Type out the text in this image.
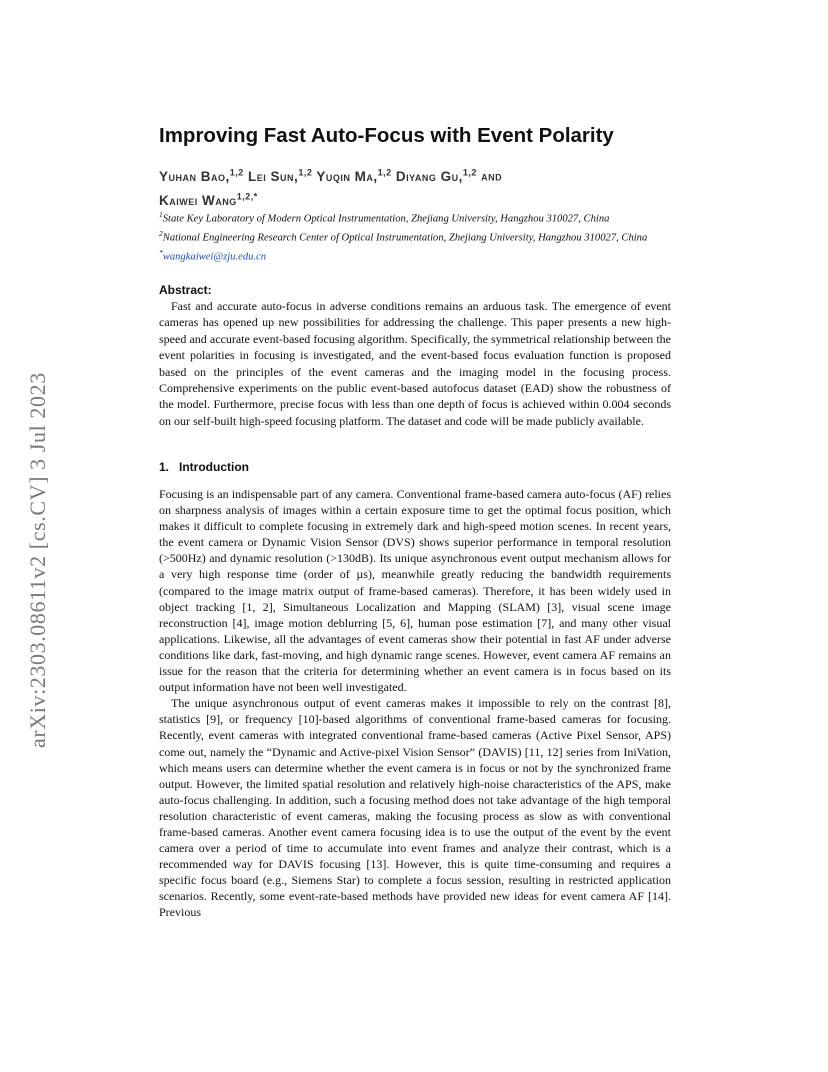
arXiv:2303.08611v2 [cs.CV] 3 Jul 2023
Improving Fast Auto-Focus with Event Polarity
Yuhan Bao,$^{1,2}$ Lei Sun,$^{1,2}$ Yuqin Ma,$^{1,2}$ Diyang Gu,$^{1,2}$ and
Kaiwei Wang$^{1,2,*}$
$^1$State Key Laboratory of Modern Optical Instrumentation, Zhejiang University, Hangzhou 310027, China
$^2$National Engineering Research Center of Optical Instrumentation, Zhejiang University, Hangzhou 310027, China
*wangkaiwei@zju.edu.cn
Abstract:
Fast and accurate auto-focus in adverse conditions remains an arduous task. The emergence of event cameras has opened up new possibilities for addressing the challenge. This paper presents a new high-speed and accurate event-based focusing algorithm. Specifically, the symmetrical relationship between the event polarities in focusing is investigated, and the event-based focus evaluation function is proposed based on the principles of the event cameras and the imaging model in the focusing process. Comprehensive experiments on the public event-based autofocus dataset (EAD) show the robustness of the model. Furthermore, precise focus with less than one depth of focus is achieved within 0.004 seconds on our self-built high-speed focusing platform. The dataset and code will be made publicly available.
1. Introduction

Focusing is an indispensable part of any camera. Conventional frame-based camera auto-focus (AF) relies on sharpness analysis of images within a certain exposure time to get the optimal focus position, which makes it difficult to complete focusing in extremely dark and high-speed motion scenes. In recent years, the event camera or Dynamic Vision Sensor (DVS) shows superior performance in temporal resolution (>500Hz) and dynamic resolution (>130dB). Its unique asynchronous event output mechanism allows for a very high response time (order of µs), meanwhile greatly reducing the bandwidth requirements (compared to the image matrix output of frame-based cameras). Therefore, it has been widely used in object tracking [1, 2], Simultaneous Localization and Mapping (SLAM) [3], visual scene image reconstruction [4], image motion deblurring [5, 6], human pose estimation [7], and many other visual applications. Likewise, all the advantages of event cameras show their potential in fast AF under adverse conditions like dark, fast-moving, and high dynamic range scenes. However, event camera AF remains an issue for the reason that the criteria for determining whether an event camera is in focus based on its output information have not been well investigated.

The unique asynchronous output of event cameras makes it impossible to rely on the contrast [8], statistics [9], or frequency [10]-based algorithms of conventional frame-based cameras for focusing. Recently, event cameras with integrated conventional frame-based cameras (Active Pixel Sensor, APS) come out, namely the “Dynamic and Active-pixel Vision Sensor” (DAVIS) [11, 12] series from IniVation, which means users can determine whether the event camera is in focus or not by the synchronized frame output. However, the limited spatial resolution and relatively high-noise characteristics of the APS, make auto-focus challenging. In addition, such a focusing method does not take advantage of the high temporal resolution characteristic of event cameras, making the focusing process as slow as with conventional frame-based cameras. Another event camera focusing idea is to use the output of the event by the event camera over a period of time to accumulate into event frames and analyze their contrast, which is a recommended way for DAVIS focusing [13]. However, this is quite time-consuming and requires a specific focus board (e.g., Siemens Star) to complete a focus session, resulting in restricted application scenarios. Recently, some event-rate-based methods have provided new ideas for event camera AF [14]. Previous
